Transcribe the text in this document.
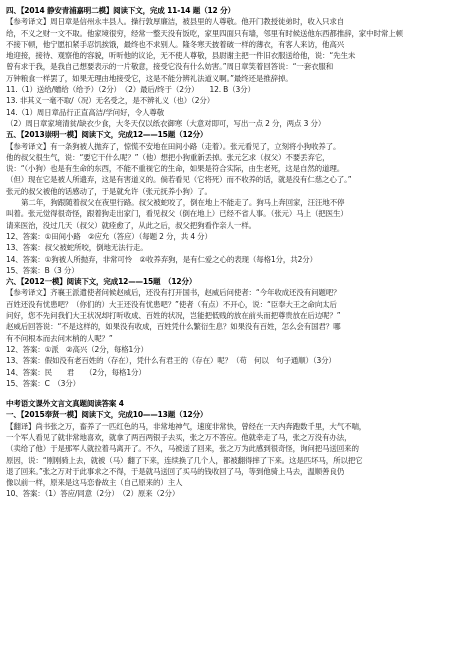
四、【2014 静安青浦嘉明二模】阅读下文，完成 11-14 题（12 分）
【参考译文】周日章是信州永丰县人。操行敦厚廉洁，被县里的人尊敬。他开门教授徒弟时，收入只求自
给，不义之财一文不取。他家境很穷，经常一整天没有饭吃，家里四面只有墙，邻里有时候送他东西都推辞，家中时常上顿
不接下顿，他宁愿扣紧手忍饥挨饿，最终也不求别人。隆冬寒天披着破一样的薄衣，有客人来访，他高兴
地迎接，接待、观察他的容貌，听听他的议论，无不使人尊敬，县尉谢主把一件旧衣服送给他，说：“先生未
曾有求于我，是我自己想要表示的一片敬意，接受它没有什么妨害。”周日章笑着回答说：“一套衣服和
万钟粮食一样罢了，如果无理由地接受它，这是不能分辨礼法道义啊。”最终还是推辞掉。
11.（1）送给/赠给（给予）（2分）　（2）最后/终于（2分）　　12. B（3分）
13. 非其义一毫不取/（况）无名受之，是不辨礼义（也）（2分）
14.（1）周日章品行正直高洁/学问好，令人尊敬
（2）周日章家境清贫/缺衣少食，大冬天仅以纸衣御寒（大意对即可，写出一点 2 分，两点 3 分）
五、【2013崇明一模】阅读下文，完成12——15题（12分）
【参考译文】有一条狗被人抛弃了，惊慌不安地在田间小路（走着）。张元看见了，立刻将小狗收养了。
他的叔父很生气，说：“要它干什么呢？”（他）想把小狗重新丢掉。张元乞求（叔父）不要丢弃它，
说：“（小狗）也是有生命的东西，不能不重视它的生命，如果是符合实际，由生老死，这是自然的道理。
（但）现在它是被人所遗弃，这是有害道义的。倘若看见（它将死）而不收养的话，就是没有仁慈之心了。”
张元的叔父被他的话感动了，于是就允许（张元抚养小狗）了。
第二年，狗跟随着叔父在夜里行路。叔父被蛇咬了，倒在地上不能走了。狗马上奔回家，汪汪地不停
叫着。张元觉得很奇怪，跟着狗走出家门，看见叔父（倒在地上）已经不省人事。（张元）马上（把医生）
请来医治，没过几天（叔父）就痊愈了，从此之后，叔父把狗看作亲人一样。
12、答案：①田间小路　②应允（答应）（每题 2 分，共 4 分）
13、答案：叔父被蛇所咬，倒地无法行走。
14、答案：①狗被人所抛弃，非常可怜　②收养弃狗，是有仁爱之心的表现（每格1分，共2分）
15、答案：B（3 分）
六、【2012一模】阅读下文，完成12——15题　（12分）
【参考译文】齐襄王派遣使者问候赵威后，还没有打开国书，赵威后问使者：“今年收成还没有问题吧？
百姓还没有忧患吧？（你们的）大王还没有忧患吧？”使者（有点）不开心，说：“臣奉大王之命向太后
问好，您不先问我们大王状况却打听收成、百姓的状况，岂能把低贱的放在前头而把尊贵放在后边呢？”
赵威后回答说：“不是这样的，如果没有收成，百姓凭什么繁衍生息？如果没有百姓，怎么会有国君？哪
有不问根本而去问末梢的人呢？”
12、答案：①派　②高兴（2分，每格1分）
13、答案：假如没有老百姓的（存在），凭什么有君王的（存在）呢？（苟　何以　句子通顺）（3分）
14、答案：民　　君　　（2分，每格1分）
15、答案：C　（3分）
中考语文课外文言文真题阅读答案 4
一、【2015奉贤一模】阅读下文，完成10——13题（12分）
【翻译】尚书张之万，畜养了一匹红色的马，非常地神气，速度非常快，曾经在一天内奔跑数千里，大气不喘，
一个军人看见了就非常地喜欢，就拿了两百两银子去买，张之万不答应。他就牵走了马，张之万没有办法，
（卖给了他）于是那军人就拉着马离开了。不久，马被送了回来，张之万为此感到很奇怪，询问把马送回来的
原因，说：“刚刚骑上去，就被（马）翻了下来，连续换了几个人，都被翻得摔了下来。这是匹坏马，所以把它
退了回来。”张之万对于此事求之不得，于是就马送回了买马的钱收回了马，等到他骑上马去，温顺善良仍
像以前一样，原来是这马恋眷故主（自己原来的）主人
10、答案：（1）答应/同意（2分）　（2）原来（2分）
